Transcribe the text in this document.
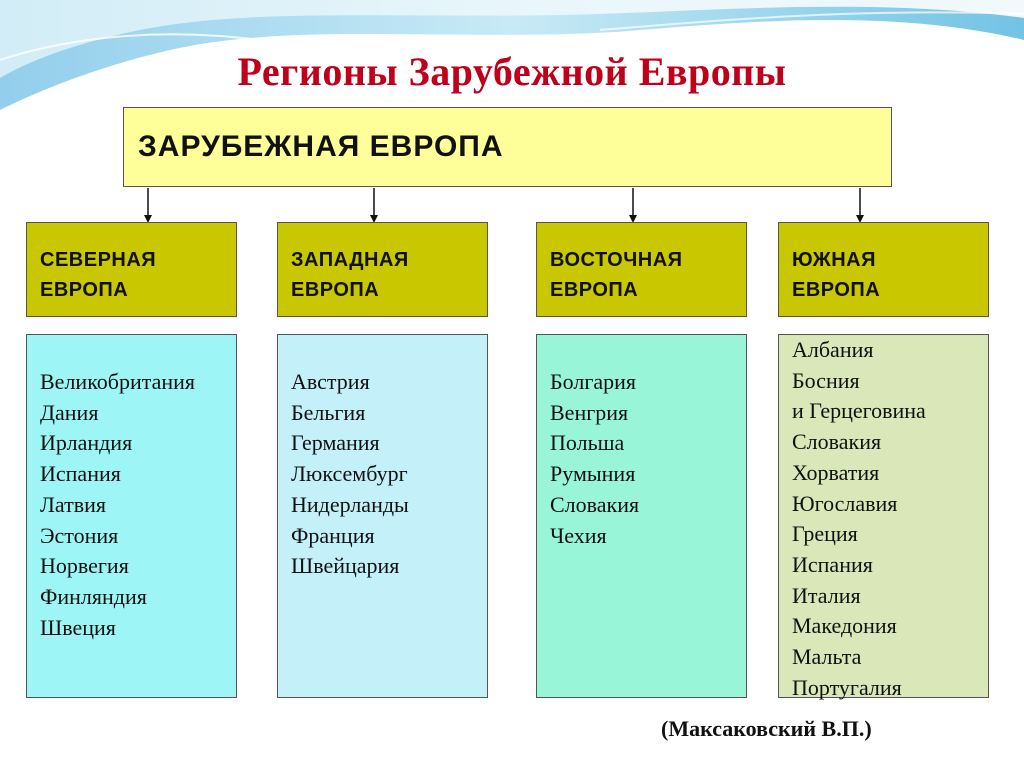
Регионы Зарубежной Европы
ЗАРУБЕЖНАЯ ЕВРОПА
СЕВЕРНАЯ
ЕВРОПА
ЗАПАДНАЯ
ЕВРОПА
ВОСТОЧНАЯ
ЕВРОПА
ЮЖНАЯ
ЕВРОПА
Великобритания
Дания
Ирландия
Испания
Латвия
Эстония
Норвегия
Финляндия
Швеция
Австрия
Бельгия
Германия
Люксембург
Нидерланды
Франция
Швейцария
Болгария
Венгрия
Польша
Румыния
Словакия
Чехия
Албания
Босния
и Герцеговина
Словакия
Хорватия
Югославия
Греция
Испания
Италия
Македония
Мальта
Португалия
(Максаковский В.П.)
